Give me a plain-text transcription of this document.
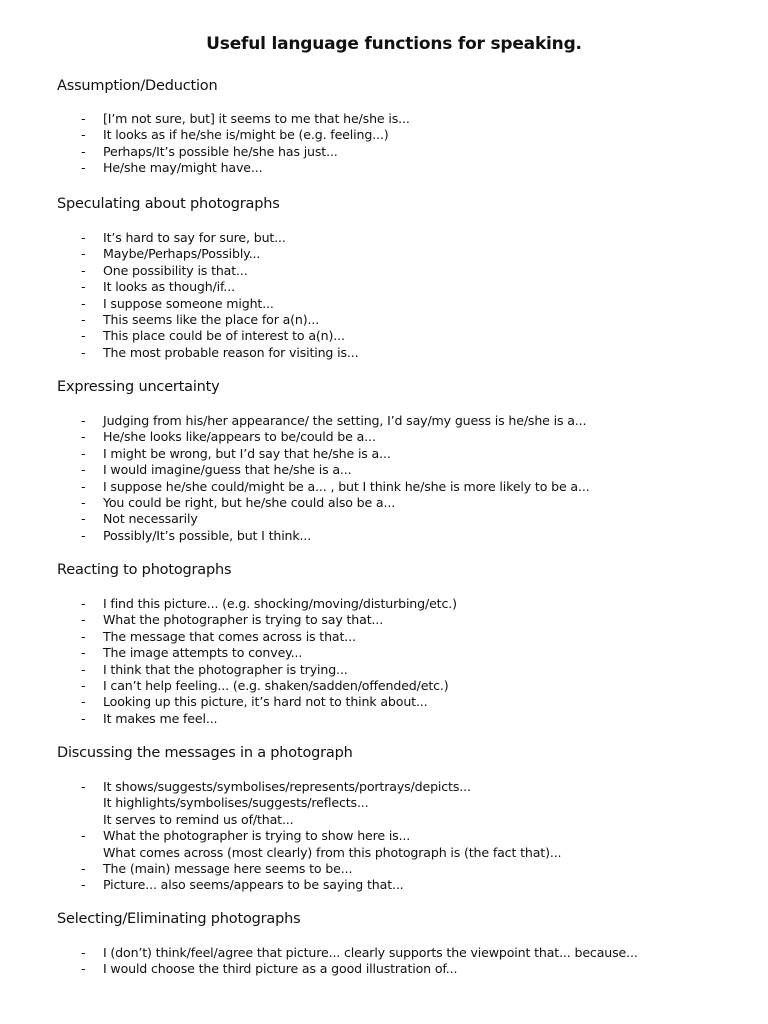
Useful language functions for speaking.
Assumption/Deduction
- [I’m not sure, but] it seems to me that he/she is...
- It looks as if he/she is/might be (e.g. feeling...)
- Perhaps/It’s possible he/she has just...
- He/she may/might have...
Speculating about photographs
- It’s hard to say for sure, but...
- Maybe/Perhaps/Possibly...
- One possibility is that...
- It looks as though/if...
- I suppose someone might...
- This seems like the place for a(n)...
- This place could be of interest to a(n)...
- The most probable reason for visiting is...
Expressing uncertainty
- Judging from his/her appearance/ the setting, I’d say/my guess is he/she is a...
- He/she looks like/appears to be/could be a...
- I might be wrong, but I’d say that he/she is a...
- I would imagine/guess that he/she is a...
- I suppose he/she could/might be a... , but I think he/she is more likely to be a...
- You could be right, but he/she could also be a...
- Not necessarily
- Possibly/It’s possible, but I think...
Reacting to photographs
- I find this picture... (e.g. shocking/moving/disturbing/etc.)
- What the photographer is trying to say that...
- The message that comes across is that...
- The image attempts to convey...
- I think that the photographer is trying...
- I can’t help feeling... (e.g. shaken/sadden/offended/etc.)
- Looking up this picture, it’s hard not to think about...
- It makes me feel...
Discussing the messages in a photograph
- It shows/suggests/symbolises/represents/portrays/depicts...
It highlights/symbolises/suggests/reflects...
It serves to remind us of/that...
- What the photographer is trying to show here is...
What comes across (most clearly) from this photograph is (the fact that)...
- The (main) message here seems to be...
- Picture... also seems/appears to be saying that...
Selecting/Eliminating photographs
- I (don’t) think/feel/agree that picture... clearly supports the viewpoint that... because...
- I would choose the third picture as a good illustration of...
